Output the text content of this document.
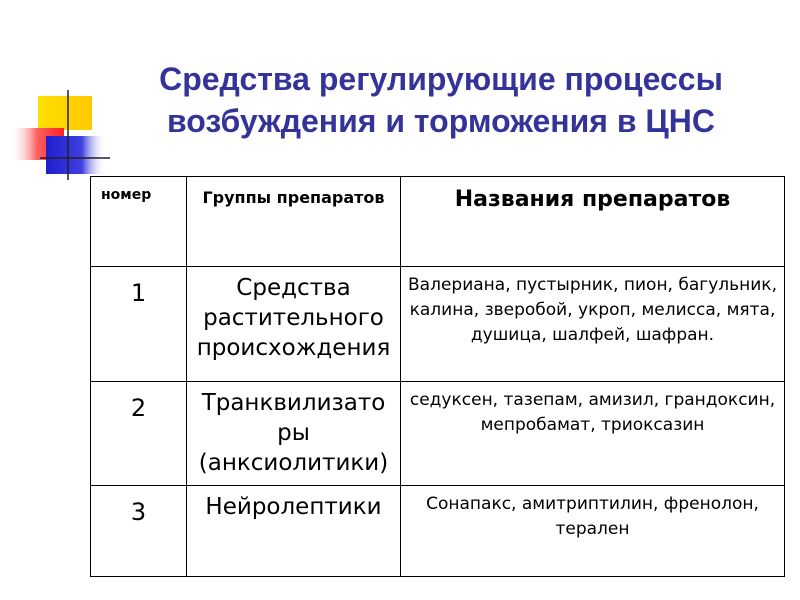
Средства регулирующие процессы
возбуждения и торможения в ЦНС
номер	Группы препаратов	Названия препаратов
1	Средства растительного происхождения	Валериана, пустырник, пион, багульник, калина, зверобой, укроп, мелисса, мята, душица, шалфей, шафран.
2	Транквилизато ры (анксиолитики)	седуксен, тазепам, амизил, грандоксин, мепробамат, триоксазин
3	Нейролептики	Сонапакс, амитриптилин, френолон, терален
